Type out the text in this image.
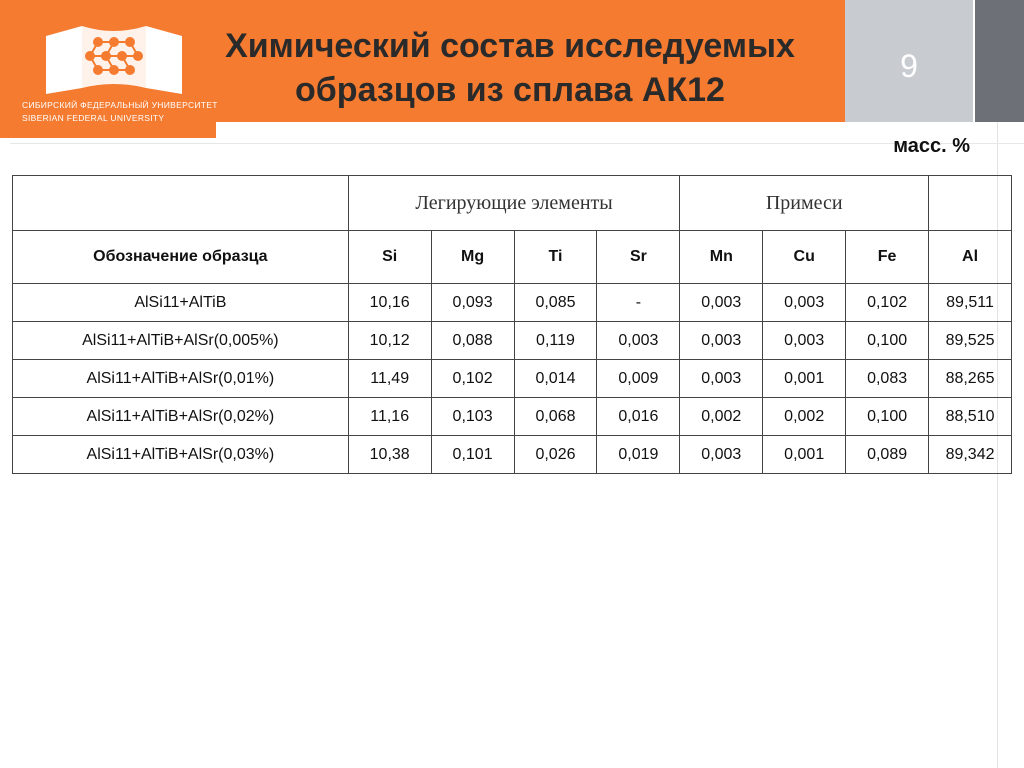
9
СИБИРСКИЙ ФЕДЕРАЛЬНЫЙ УНИВЕРСИТЕТ
SIBERIAN FEDERAL UNIVERSITY
Химический состав исследуемых
образцов из сплава АК12
масс. %
	Легирующие элементы				Примеси			
Обозначение образца	Si	Mg	Ti	Sr	Mn	Cu	Fe	Al
AlSi11+AlTiB	10,16	0,093	0,085	-	0,003	0,003	0,102	89,511
AlSi11+AlTiB+AlSr(0,005%)	10,12	0,088	0,119	0,003	0,003	0,003	0,100	89,525
AlSi11+AlTiB+AlSr(0,01%)	11,49	0,102	0,014	0,009	0,003	0,001	0,083	88,265
AlSi11+AlTiB+AlSr(0,02%)	11,16	0,103	0,068	0,016	0,002	0,002	0,100	88,510
AlSi11+AlTiB+AlSr(0,03%)	10,38	0,101	0,026	0,019	0,003	0,001	0,089	89,342
